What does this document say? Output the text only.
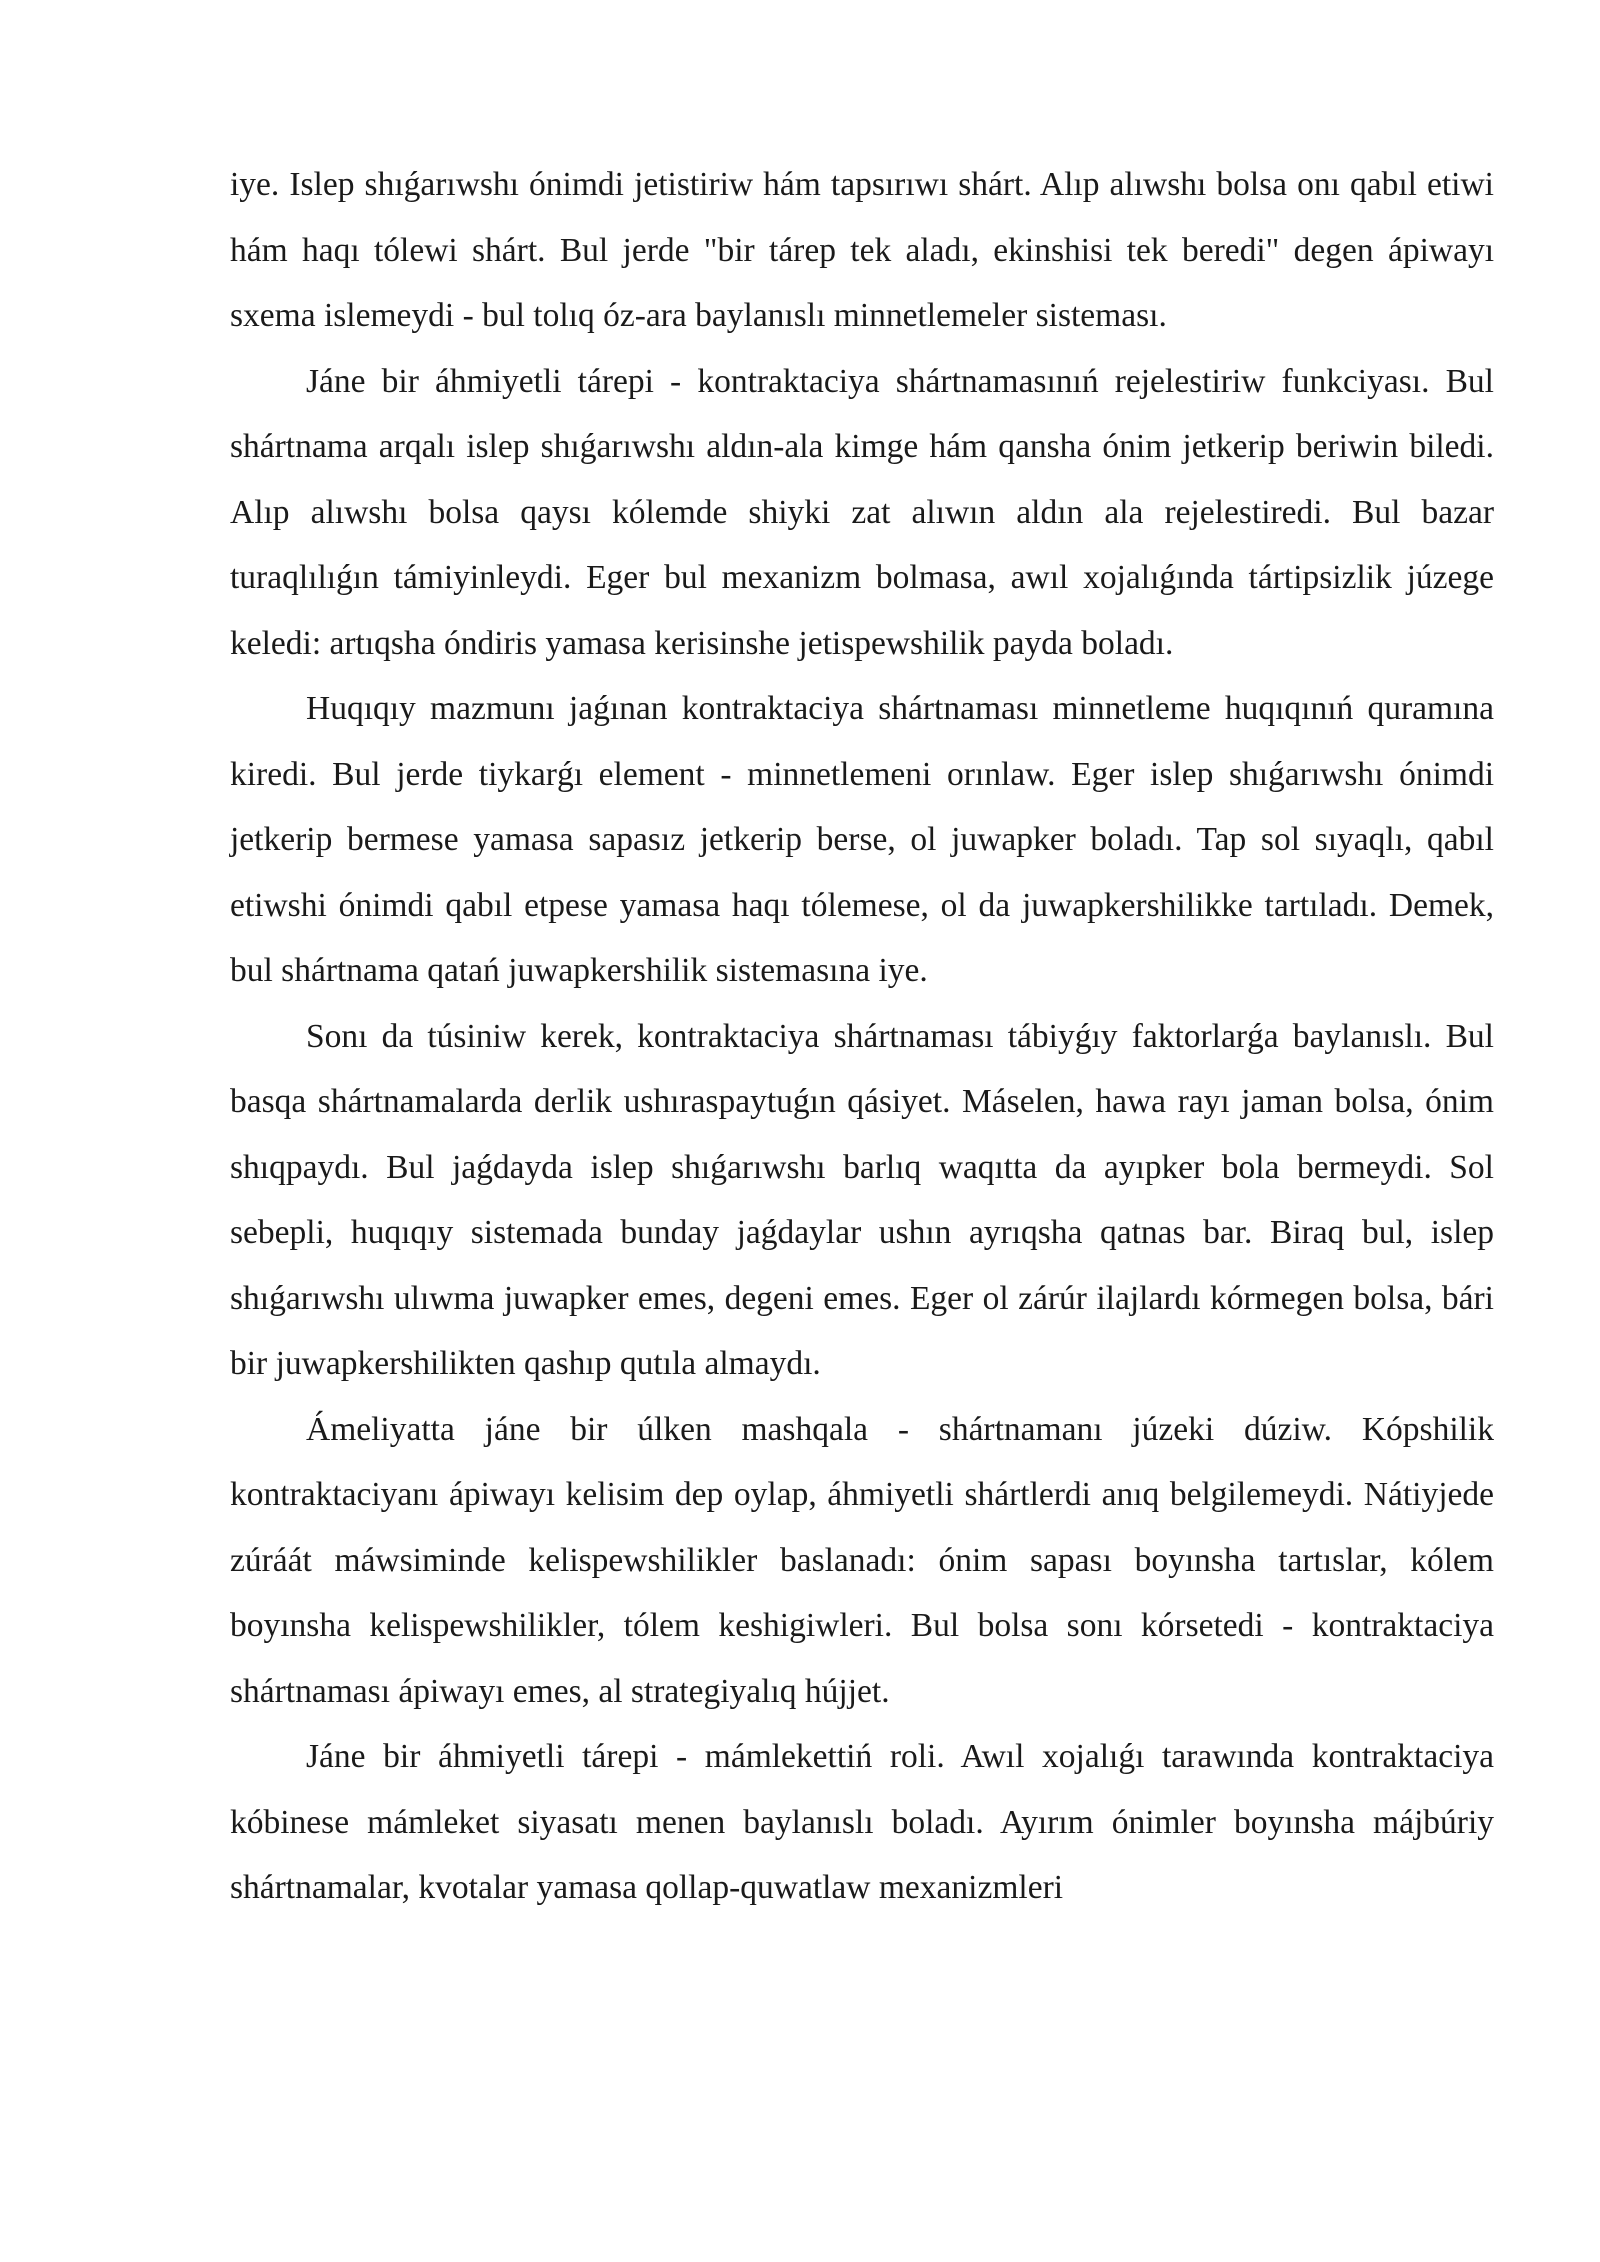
iye. Islep shıǵarıwshı ónimdi jetistiriw hám tapsırıwı shárt. Alıp alıwshı bolsa onı qabıl etiwi hám haqı tólewi shárt. Bul jerde "bir tárep tek aladı, ekinshisi tek beredi" degen ápiwayı sxema islemeydi - bul tolıq óz-ara baylanıslı minnetlemeler sisteması.

Jáne bir áhmiyetli tárepi - kontraktaciya shártnamasınıń rejelestiriw funkciyası. Bul shártnama arqalı islep shıǵarıwshı aldın-ala kimge hám qansha ónim jetkerip beriwin biledi. Alıp alıwshı bolsa qaysı kólemde shiyki zat alıwın aldın ala rejelestiredi. Bul bazar turaqlılıǵın támiyinleydi. Eger bul mexanizm bolmasa, awıl xojalıǵında tártipsizlik júzege keledi: artıqsha óndiris yamasa kerisinshe jetispewshilik payda boladı.

Huqıqıy mazmunı jaǵınan kontraktaciya shártnaması minnetleme huqıqınıń quramına kiredi. Bul jerde tiykarǵı element - minnetlemeni orınlaw. Eger islep shıǵarıwshı ónimdi jetkerip bermese yamasa sapasız jetkerip berse, ol juwapker boladı. Tap sol sıyaqlı, qabıl etiwshi ónimdi qabıl etpese yamasa haqı tólemese, ol da juwapkershilikke tartıladı. Demek, bul shártnama qatań juwapkershilik sistemasına iye.

Sonı da túsiniw kerek, kontraktaciya shártnaması tábiyǵıy faktorlarǵa baylanıslı. Bul basqa shártnamalarda derlik ushıraspaytuǵın qásiyet. Máselen, hawa rayı jaman bolsa, ónim shıqpaydı. Bul jaǵdayda islep shıǵarıwshı barlıq waqıtta da ayıpker bola bermeydi. Sol sebepli, huqıqıy sistemada bunday jaǵdaylar ushın ayrıqsha qatnas bar. Biraq bul, islep shıǵarıwshı ulıwma juwapker emes, degeni emes. Eger ol zárúr ilajlardı kórmegen bolsa, bári bir juwapkershilikten qashıp qutıla almaydı.

Ámeliyatta jáne bir úlken mashqala - shártnamanı júzeki dúziw. Kópshilik kontraktaciyanı ápiwayı kelisim dep oylap, áhmiyetli shártlerdi anıq belgilemeydi. Nátiyjede zúráát máwsiminde kelispewshilikler baslanadı: ónim sapası boyınsha tartıslar, kólem boyınsha kelispewshilikler, tólem keshigiwleri. Bul bolsa sonı kórsetedi - kontraktaciya shártnaması ápiwayı emes, al strategiyalıq hújjet.

Jáne bir áhmiyetli tárepi - mámlekettiń roli. Awıl xojalıǵı tarawında kontraktaciya kóbinese mámleket siyasatı menen baylanıslı boladı. Ayırım ónimler boyınsha májbúriy shártnamalar, kvotalar yamasa qollap-quwatlaw mexanizmleri
